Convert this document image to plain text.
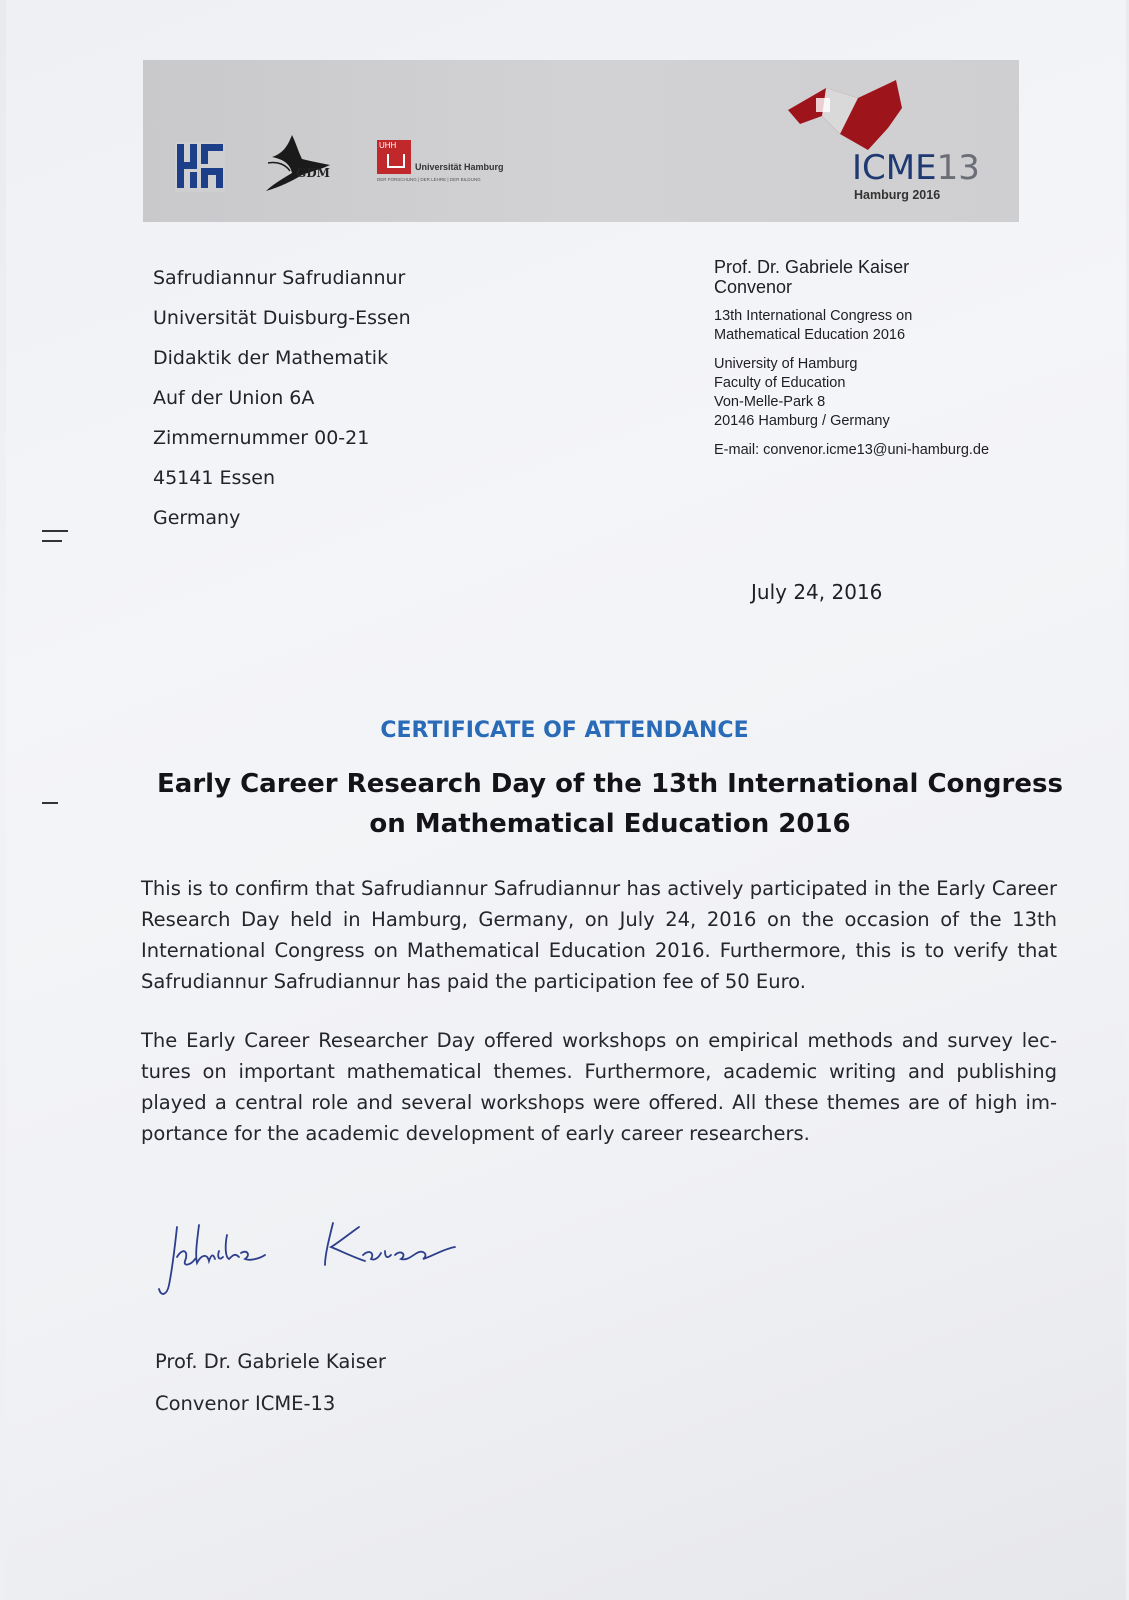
GDM
UHH
Universität Hamburg
DER FORSCHUNG | DER LEHRE | DER BILDUNG	ICME13
Hamburg 2016
Safrudiannur Safrudiannur
Universität Duisburg-Essen
Didaktik der Mathematik
Auf der Union 6A
Zimmernummer 00-21
45141 Essen
Germany
Prof. Dr. Gabriele Kaiser
Convenor
13th International Congress on
Mathematical Education 2016
University of Hamburg
Faculty of Education
Von-Melle-Park 8
20146 Hamburg / Germany
E-mail: convenor.icme13@uni-hamburg.de
July 24, 2016
CERTIFICATE OF ATTENDANCE
Early Career Research Day of the 13th International Congress
on Mathematical Education 2016
This is to confirm that Safrudiannur Safrudiannur has actively participated in the Early Career Research Day held in Hamburg, Germany, on July 24, 2016 on the occasion of the 13th International Congress on Mathematical Education 2016. Furthermore, this is to verify that Safrudiannur Safrudiannur has paid the participation fee of 50 Euro.
The Early Career Researcher Day offered workshops on empirical methods and survey lectures on important mathematical themes. Furthermore, academic writing and publishing played a central role and several workshops were offered. All these themes are of high importance for the academic development of early career researchers.
Prof. Dr. Gabriele Kaiser
Convenor ICME-13
